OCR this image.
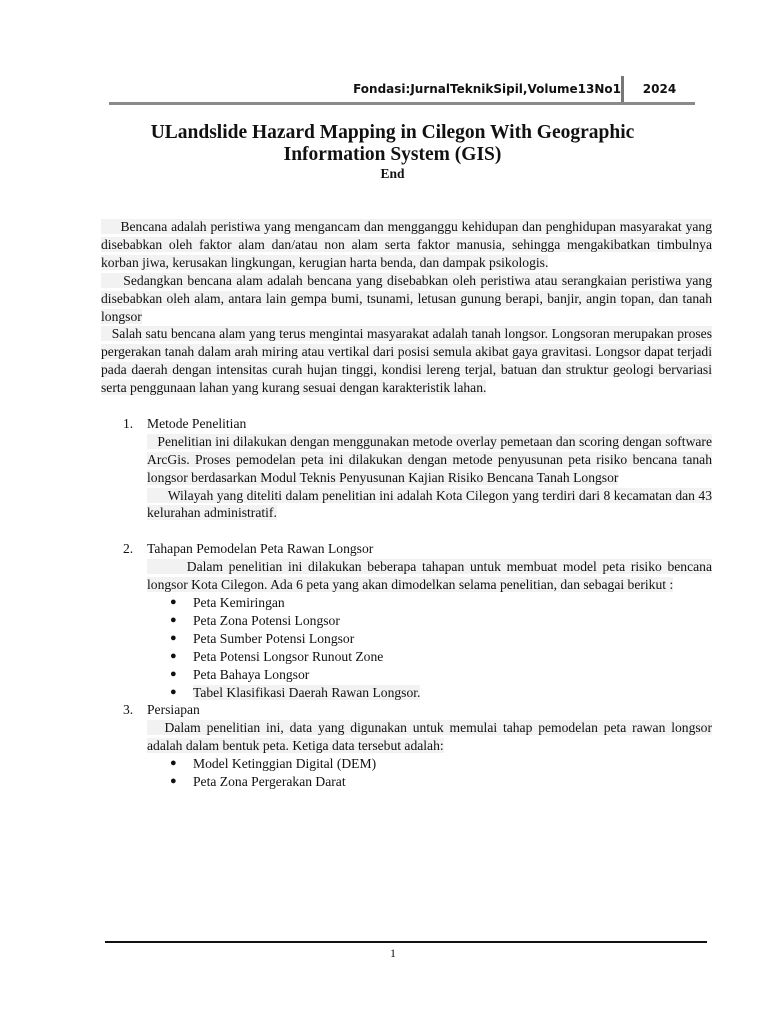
Fondasi:JurnalTeknikSipil,Volume13No1	2024
ULandslide Hazard Mapping in Cilegon With Geographic Information System (GIS)
End

Bencana adalah peristiwa yang mengancam dan mengganggu kehidupan dan penghidupan masyarakat yang disebabkan oleh faktor alam dan/atau non alam serta faktor manusia, sehingga mengakibatkan timbulnya korban jiwa, kerusakan lingkungan, kerugian harta benda, dan dampak psikologis.

Sedangkan bencana alam adalah bencana yang disebabkan oleh peristiwa atau serangkaian peristiwa yang disebabkan oleh alam, antara lain gempa bumi, tsunami, letusan gunung berapi, banjir, angin topan, dan tanah longsor

Salah satu bencana alam yang terus mengintai masyarakat adalah tanah longsor. Longsoran merupakan proses pergerakan tanah dalam arah miring atau vertikal dari posisi semula akibat gaya gravitasi. Longsor dapat terjadi pada daerah dengan intensitas curah hujan tinggi, kondisi lereng terjal, batuan dan struktur geologi bervariasi serta penggunaan lahan yang kurang sesuai dengan karakteristik lahan.

1. Metode Penelitian

Penelitian ini dilakukan dengan menggunakan metode overlay pemetaan dan scoring dengan software ArcGis. Proses pemodelan peta ini dilakukan dengan metode penyusunan peta risiko bencana tanah longsor berdasarkan Modul Teknis Penyusunan Kajian Risiko Bencana Tanah Longsor

Wilayah yang diteliti dalam penelitian ini adalah Kota Cilegon yang terdiri dari 8 kecamatan dan 43 kelurahan administratif.

2. Tahapan Pemodelan Peta Rawan Longsor

Dalam penelitian ini dilakukan beberapa tahapan untuk membuat model peta risiko bencana longsor Kota Cilegon. Ada 6 peta yang akan dimodelkan selama penelitian, dan sebagai berikut :

● Peta Kemiringan
● Peta Zona Potensi Longsor
● Peta Sumber Potensi Longsor
● Peta Potensi Longsor Runout Zone
● Peta Bahaya Longsor
● Tabel Klasifikasi Daerah Rawan Longsor.
3. Persiapan

Dalam penelitian ini, data yang digunakan untuk memulai tahap pemodelan peta rawan longsor adalah dalam bentuk peta. Ketiga data tersebut adalah:

● Model Ketinggian Digital (DEM)
● Peta Zona Pergerakan Darat
1
